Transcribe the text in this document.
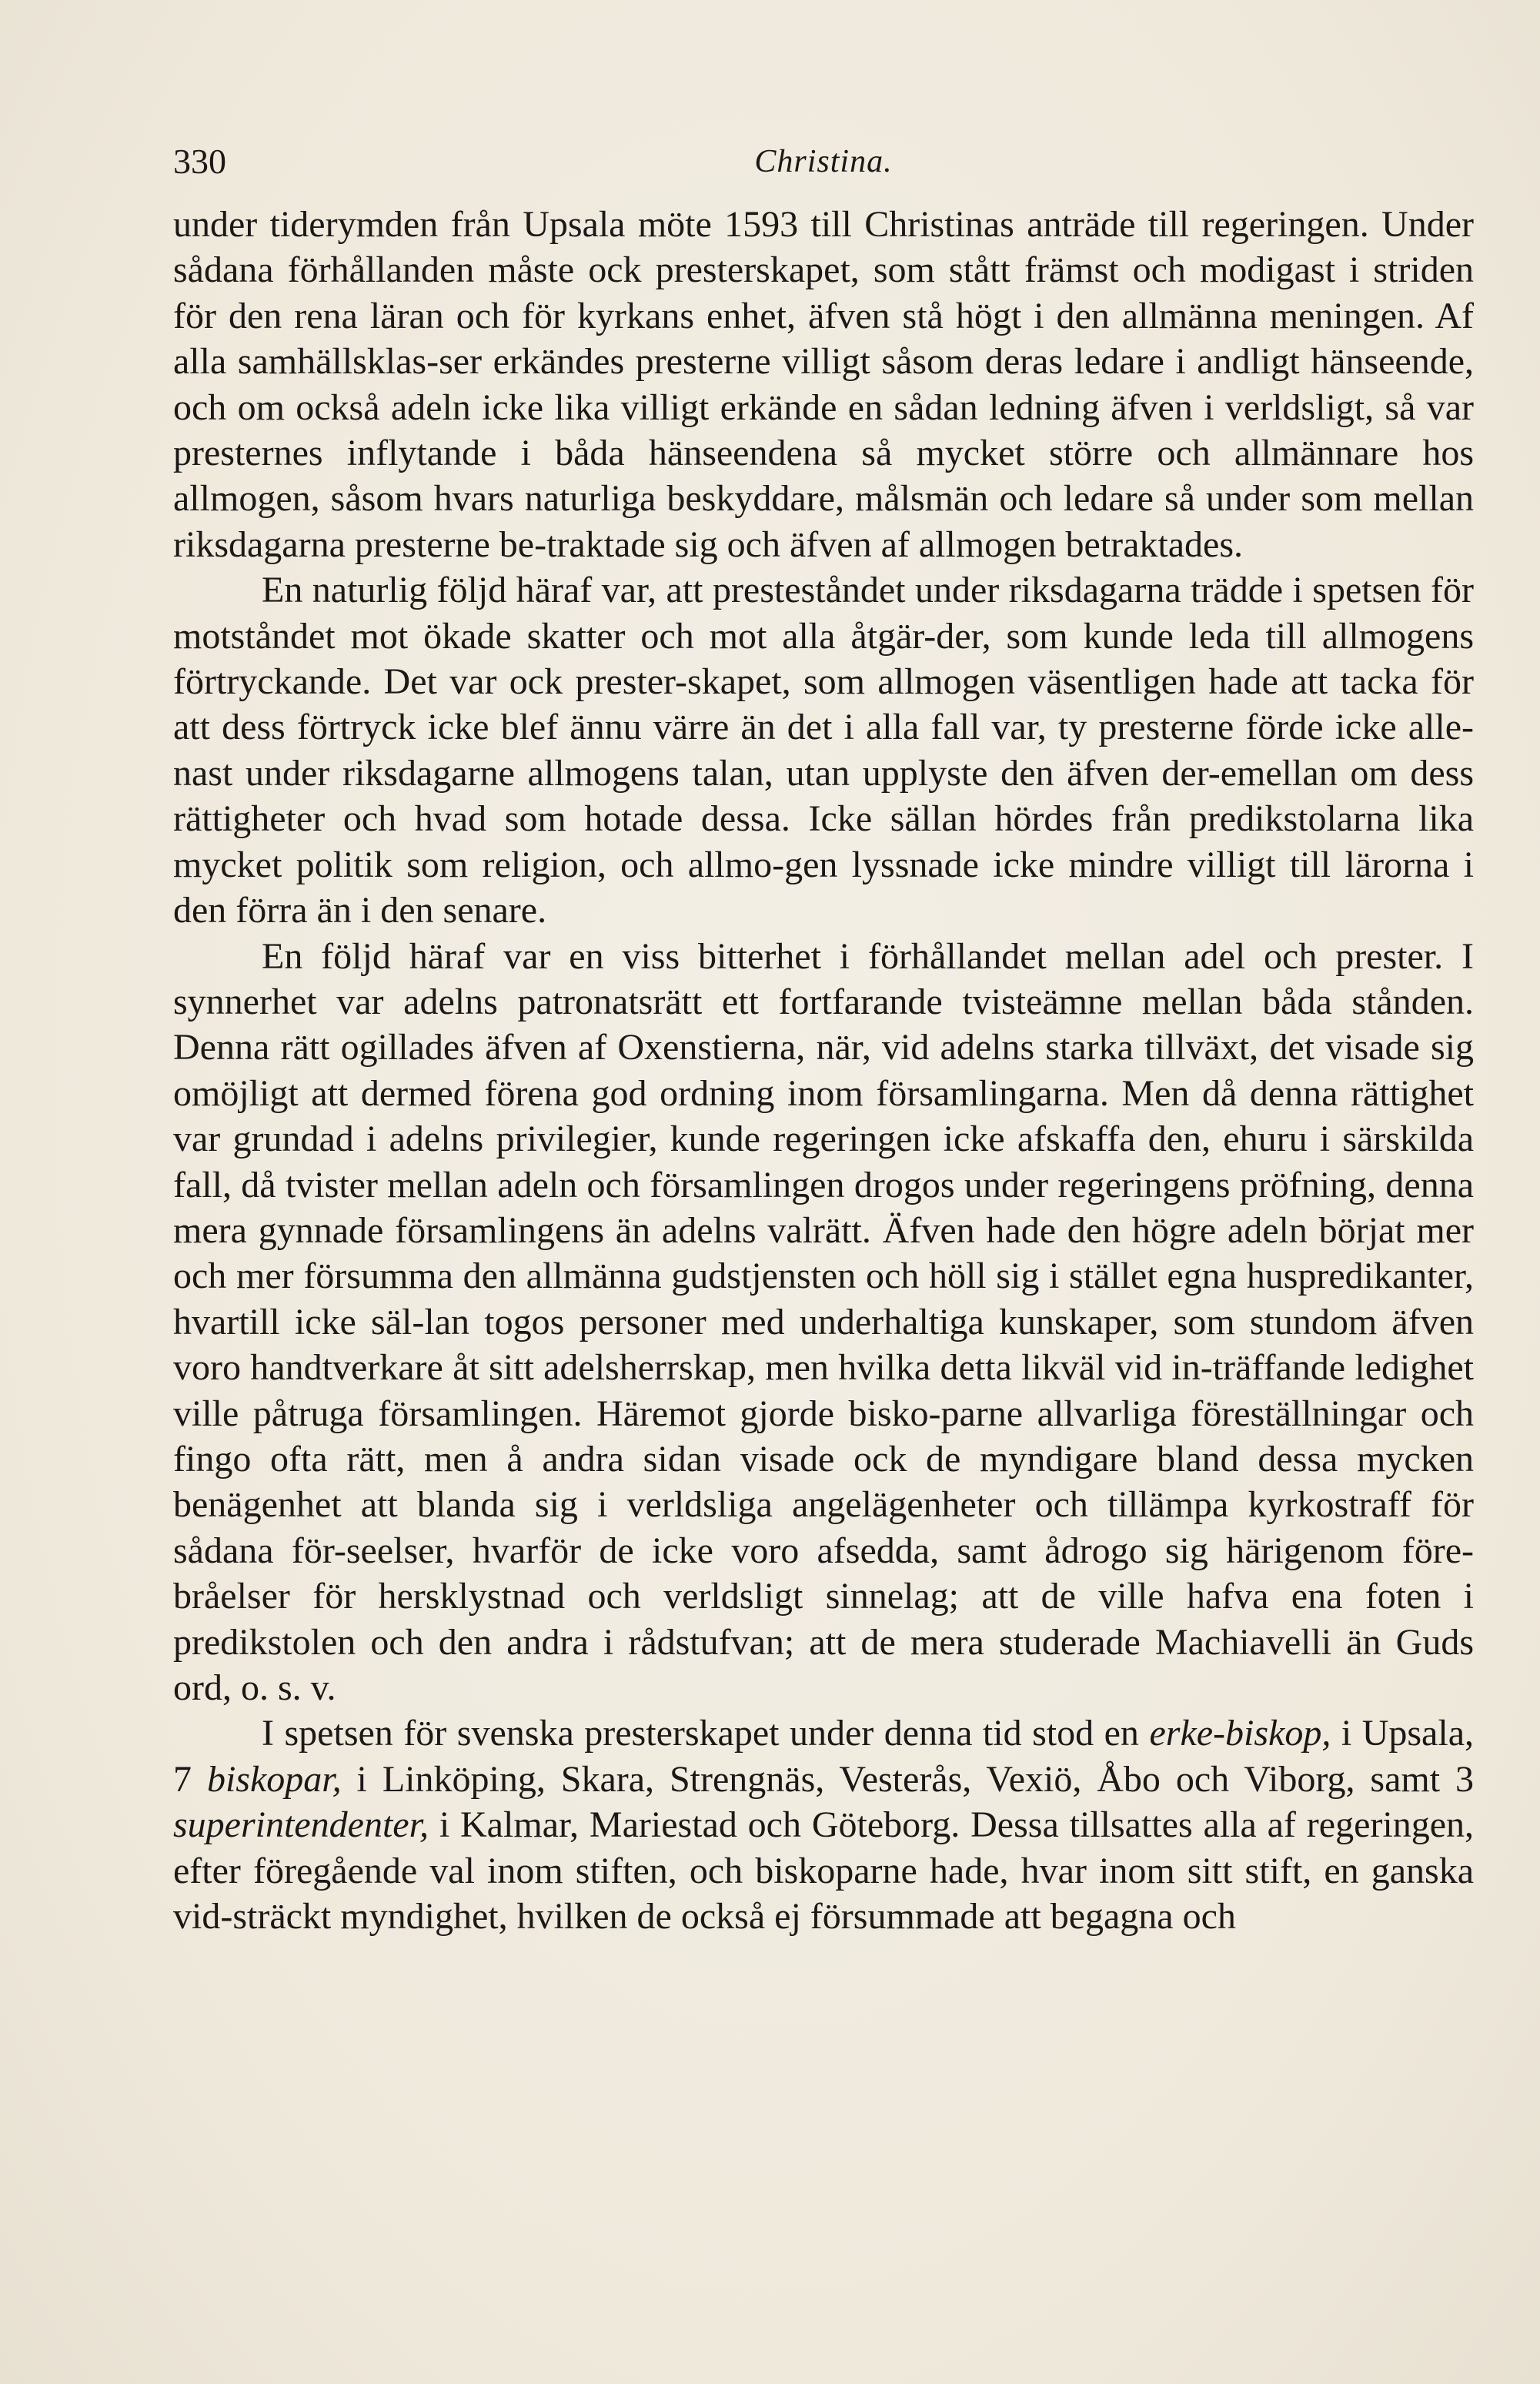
330	Christina.

under tiderymden från Upsala möte 1593 till Christinas anträde till regeringen. Under sådana förhållanden måste ock presterskapet, som stått främst och modigast i striden för den rena läran och för kyrkans enhet, äfven stå högt i den allmänna meningen. Af alla samhällsklas-ser erkändes presterne villigt såsom deras ledare i andligt hänseende, och om också adeln icke lika villigt erkände en sådan ledning äfven i verldsligt, så var presternes inflytande i båda hänseendena så mycket större och allmännare hos allmogen, såsom hvars naturliga beskyddare, målsmän och ledare så under som mellan riksdagarna presterne be-traktade sig och äfven af allmogen betraktades.

En naturlig följd häraf var, att presteståndet under riksdagarna trädde i spetsen för motståndet mot ökade skatter och mot alla åtgär-der, som kunde leda till allmogens förtryckande. Det var ock prester-skapet, som allmogen väsentligen hade att tacka för att dess förtryck icke blef ännu värre än det i alla fall var, ty presterne förde icke alle-nast under riksdagarne allmogens talan, utan upplyste den äfven der-emellan om dess rättigheter och hvad som hotade dessa. Icke sällan hördes från predikstolarna lika mycket politik som religion, och allmo-gen lyssnade icke mindre villigt till lärorna i den förra än i den senare.

En följd häraf var en viss bitterhet i förhållandet mellan adel och prester. I synnerhet var adelns patronatsrätt ett fortfarande tvisteämne mellan båda stånden. Denna rätt ogillades äfven af Oxenstierna, när, vid adelns starka tillväxt, det visade sig omöjligt att dermed förena god ordning inom församlingarna. Men då denna rättighet var grundad i adelns privilegier, kunde regeringen icke afskaffa den, ehuru i särskilda fall, då tvister mellan adeln och församlingen drogos under regeringens pröfning, denna mera gynnade församlingens än adelns valrätt. Äfven hade den högre adeln börjat mer och mer försumma den allmänna gudstjensten och höll sig i stället egna huspredikanter, hvartill icke säl-lan togos personer med underhaltiga kunskaper, som stundom äfven voro handtverkare åt sitt adelsherrskap, men hvilka detta likväl vid in-träffande ledighet ville påtruga församlingen. Häremot gjorde bisko-parne allvarliga föreställningar och fingo ofta rätt, men å andra sidan visade ock de myndigare bland dessa mycken benägenhet att blanda sig i verldsliga angelägenheter och tillämpa kyrkostraff för sådana för-seelser, hvarför de icke voro afsedda, samt ådrogo sig härigenom före-bråelser för hersklystnad och verldsligt sinnelag; att de ville hafva ena foten i predikstolen och den andra i rådstufvan; att de mera studerade Machiavelli än Guds ord, o. s. v.

I spetsen för svenska presterskapet under denna tid stod en erke-biskop, i Upsala, 7 biskopar, i Linköping, Skara, Strengnäs, Vesterås, Vexiö, Åbo och Viborg, samt 3 superintendenter, i Kalmar, Mariestad och Göteborg. Dessa tillsattes alla af regeringen, efter föregående val inom stiften, och biskoparne hade, hvar inom sitt stift, en ganska vid-sträckt myndighet, hvilken de också ej försummade att begagna och
